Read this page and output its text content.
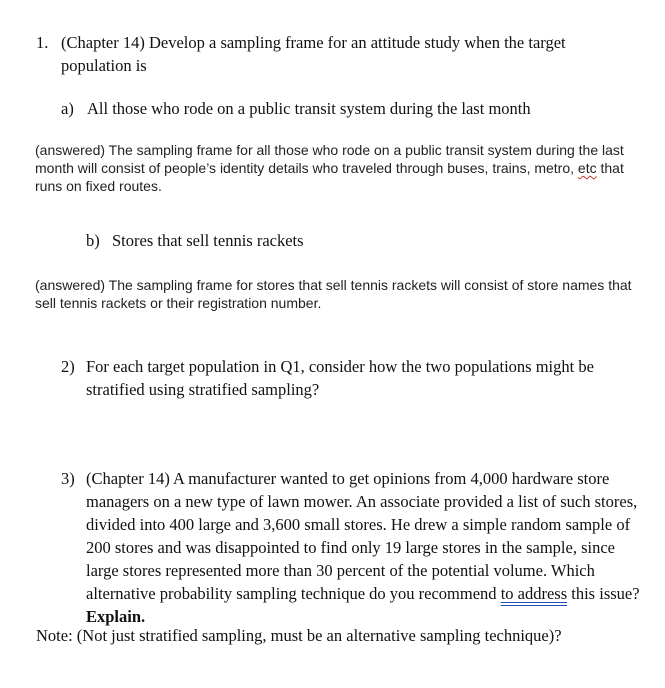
1. (Chapter 14) Develop a sampling frame for an attitude study when the target population is
a) All those who rode on a public transit system during the last month
(answered) The sampling frame for all those who rode on a public transit system during the last month will consist of people’s identity details who traveled through buses, trains, metro, etc that runs on fixed routes.
b) Stores that sell tennis rackets
(answered) The sampling frame for stores that sell tennis rackets will consist of store names that sell tennis rackets or their registration number.
2) For each target population in Q1, consider how the two populations might be stratified using stratified sampling?
3) (Chapter 14) A manufacturer wanted to get opinions from 4,000 hardware store managers on a new type of lawn mower. An associate provided a list of such stores, divided into 400 large and 3,600 small stores. He drew a simple random sample of 200 stores and was disappointed to find only 19 large stores in the sample, since large stores represented more than 30 percent of the potential volume. Which alternative probability sampling technique do you recommend to address this issue? Explain.
Note: (Not just stratified sampling, must be an alternative sampling technique)?
